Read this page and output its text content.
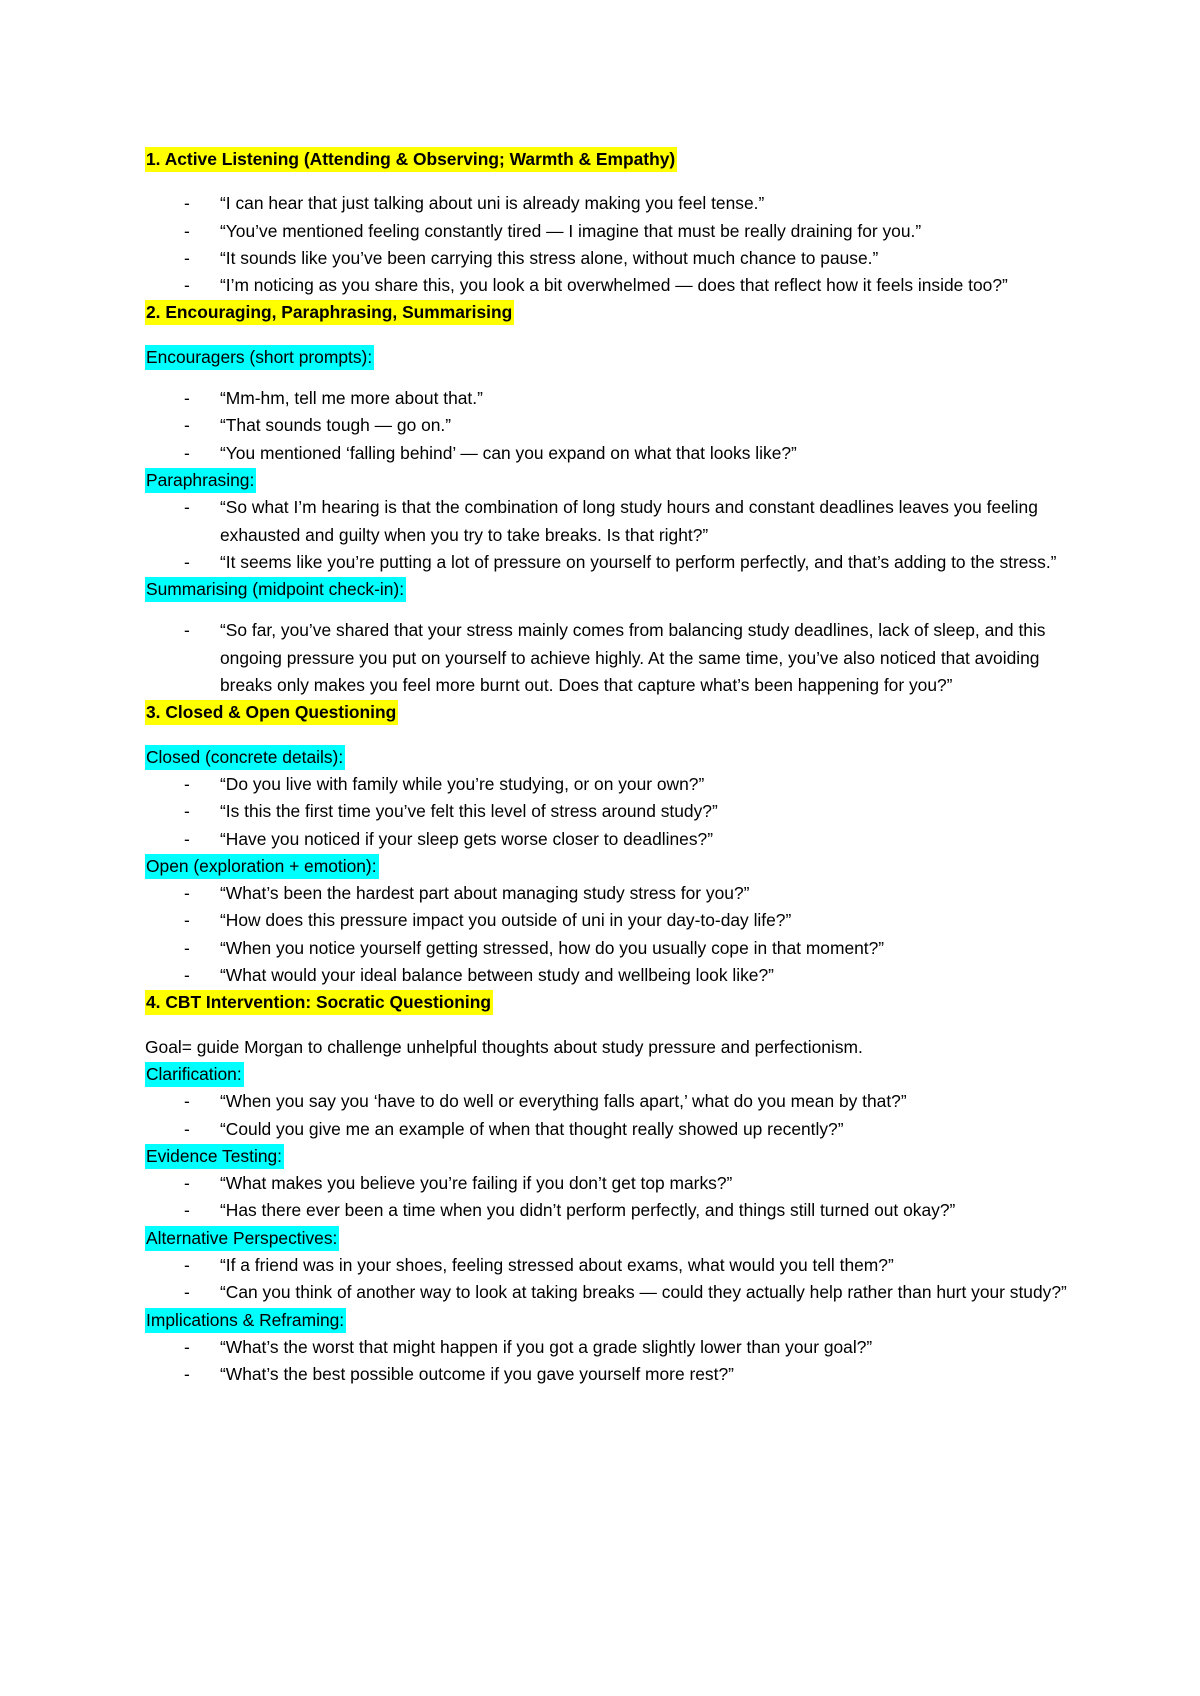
1. Active Listening (Attending & Observing; Warmth & Empathy)
- “I can hear that just talking about uni is already making you feel tense.”
- “You’ve mentioned feeling constantly tired — I imagine that must be really draining for you.”
- “It sounds like you’ve been carrying this stress alone, without much chance to pause.”
- “I’m noticing as you share this, you look a bit overwhelmed — does that reflect how it feels inside too?”
2. Encouraging, Paraphrasing, Summarising
Encouragers (short prompts):
- “Mm-hm, tell me more about that.”
- “That sounds tough — go on.”
- “You mentioned ‘falling behind’ — can you expand on what that looks like?”
Paraphrasing:
- “So what I’m hearing is that the combination of long study hours and constant deadlines leaves you feeling exhausted and guilty when you try to take breaks. Is that right?”
- “It seems like you’re putting a lot of pressure on yourself to perform perfectly, and that’s adding to the stress.”
Summarising (midpoint check-in):
- “So far, you’ve shared that your stress mainly comes from balancing study deadlines, lack of sleep, and this ongoing pressure you put on yourself to achieve highly. At the same time, you’ve also noticed that avoiding breaks only makes you feel more burnt out. Does that capture what’s been happening for you?”
3. Closed & Open Questioning
Closed (concrete details):
- “Do you live with family while you’re studying, or on your own?”
- “Is this the first time you’ve felt this level of stress around study?”
- “Have you noticed if your sleep gets worse closer to deadlines?”
Open (exploration + emotion):
- “What’s been the hardest part about managing study stress for you?”
- “How does this pressure impact you outside of uni in your day-to-day life?”
- “When you notice yourself getting stressed, how do you usually cope in that moment?”
- “What would your ideal balance between study and wellbeing look like?”
4. CBT Intervention: Socratic Questioning

Goal= guide Morgan to challenge unhelpful thoughts about study pressure and perfectionism.

Clarification:
- “When you say you ‘have to do well or everything falls apart,’ what do you mean by that?”
- “Could you give me an example of when that thought really showed up recently?”
Evidence Testing:
- “What makes you believe you’re failing if you don’t get top marks?”
- “Has there ever been a time when you didn’t perform perfectly, and things still turned out okay?”
Alternative Perspectives:
- “If a friend was in your shoes, feeling stressed about exams, what would you tell them?”
- “Can you think of another way to look at taking breaks — could they actually help rather than hurt your study?”
Implications & Reframing:
- “What’s the worst that might happen if you got a grade slightly lower than your goal?”
- “What’s the best possible outcome if you gave yourself more rest?”
